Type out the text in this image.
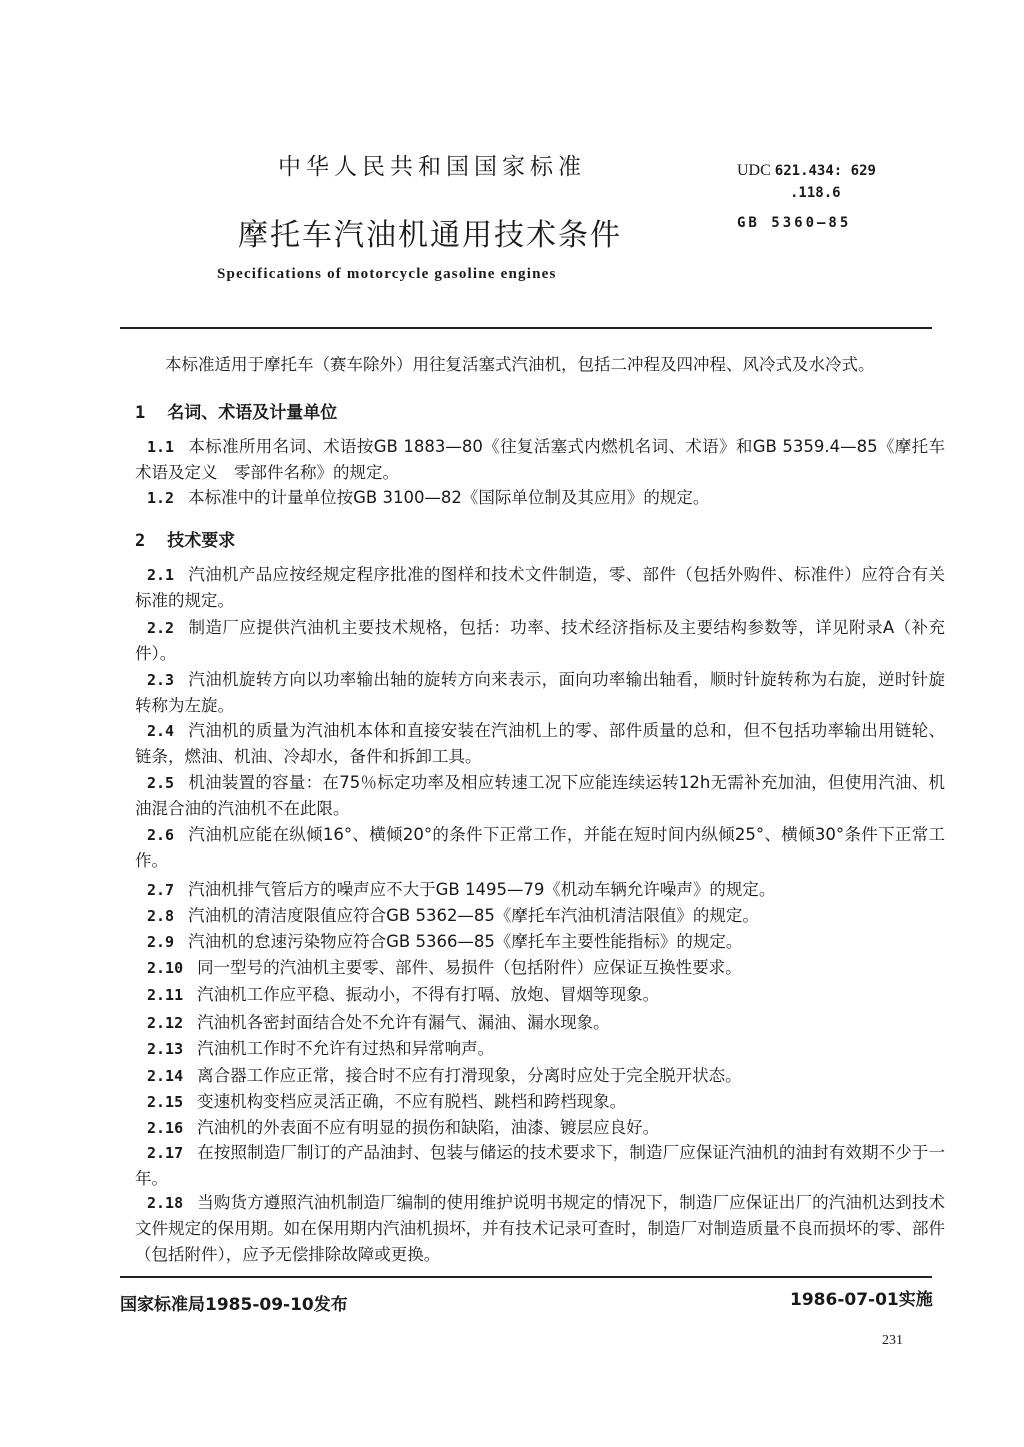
中华人民共和国国家标准
摩托车汽油机通用技术条件
Specifications of motorcycle gasoline engines
UDC 621.434: 629
.118.6
GB 5360—85
本标准适用于摩托车（赛车除外）用往复活塞式汽油机，包括二冲程及四冲程、风冷式及水冷式。
1 名词、术语及计量单位
1.1 本标准所用名词、术语按GB 1883—80《往复活塞式内燃机名词、术语》和GB 5359.4—85《摩托车术语及定义　零部件名称》的规定。
1.2 本标准中的计量单位按GB 3100—82《国际单位制及其应用》的规定。
2 技术要求
2.1 汽油机产品应按经规定程序批准的图样和技术文件制造，零、部件（包括外购件、标准件）应符合有关标准的规定。
2.2 制造厂应提供汽油机主要技术规格，包括：功率、技术经济指标及主要结构参数等，详见附录A（补充件）。
2.3 汽油机旋转方向以功率输出轴的旋转方向来表示，面向功率输出轴看，顺时针旋转称为右旋，逆时针旋转称为左旋。
2.4 汽油机的质量为汽油机本体和直接安装在汽油机上的零、部件质量的总和，但不包括功率输出用链轮、链条，燃油、机油、冷却水，备件和拆卸工具。
2.5 机油装置的容量：在75％标定功率及相应转速工况下应能连续运转12h无需补充加油，但使用汽油、机油混合油的汽油机不在此限。
2.6 汽油机应能在纵倾16°、横倾20°的条件下正常工作，并能在短时间内纵倾25°、横倾30°条件下正常工作。
2.7 汽油机排气管后方的噪声应不大于GB 1495—79《机动车辆允许噪声》的规定。
2.8 汽油机的清洁度限值应符合GB 5362—85《摩托车汽油机清洁限值》的规定。
2.9 汽油机的怠速污染物应符合GB 5366—85《摩托车主要性能指标》的规定。
2.10 同一型号的汽油机主要零、部件、易损件（包括附件）应保证互换性要求。
2.11 汽油机工作应平稳、振动小，不得有打嗝、放炮、冒烟等现象。
2.12 汽油机各密封面结合处不允许有漏气、漏油、漏水现象。
2.13 汽油机工作时不允许有过热和异常响声。
2.14 离合器工作应正常，接合时不应有打滑现象，分离时应处于完全脱开状态。
2.15 变速机构变档应灵活正确，不应有脱档、跳档和跨档现象。
2.16 汽油机的外表面不应有明显的损伤和缺陷，油漆、镀层应良好。
2.17 在按照制造厂制订的产品油封、包装与储运的技术要求下，制造厂应保证汽油机的油封有效期不少于一年。
2.18 当购货方遵照汽油机制造厂编制的使用维护说明书规定的情况下，制造厂应保证出厂的汽油机达到技术文件规定的保用期。如在保用期内汽油机损坏，并有技术记录可查时，制造厂对制造质量不良而损坏的零、部件（包括附件），应予无偿排除故障或更换。
国家标准局1985-09-10发布	1986-07-01实施
231
